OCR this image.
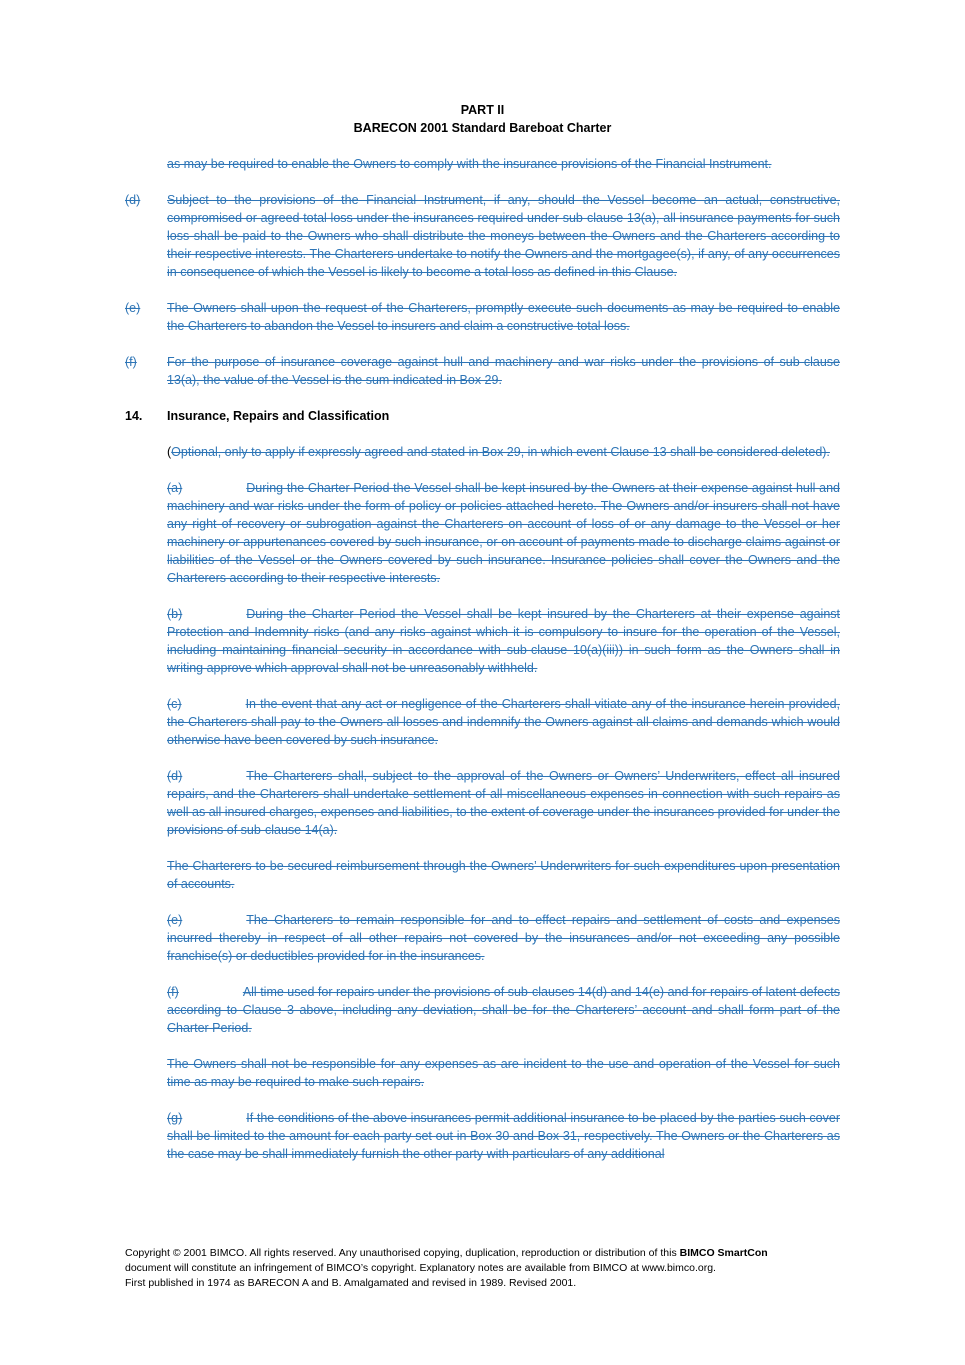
PART II
BARECON 2001 Standard Bareboat Charter

as may be required to enable the Owners to comply with the insurance provisions of the Financial Instrument.

(d)	Subject to the provisions of the Financial Instrument, if any, should the Vessel become an actual, constructive, compromised or agreed total loss under the insurances required under sub-clause 13(a), all insurance payments for such loss shall be paid to the Owners who shall distribute the moneys between the Owners and the Charterers according to their respective interests. The Charterers undertake to notify the Owners and the mortgagee(s), if any, of any occurrences in consequence of which the Vessel is likely to become a total loss as defined in this Clause.
(e)	The Owners shall upon the request of the Charterers, promptly execute such documents as may be required to enable the Charterers to abandon the Vessel to insurers and claim a constructive total loss.
(f)	For the purpose of insurance coverage against hull and machinery and war risks under the provisions of sub-clause 13(a), the value of the Vessel is the sum indicated in Box 29.
14.	Insurance, Repairs and Classification

(Optional, only to apply if expressly agreed and stated in Box 29, in which event Clause 13 shall be considered deleted).

(a)	During the Charter Period the Vessel shall be kept insured by the Owners at their expense against hull and machinery and war risks under the form of policy or policies attached hereto. The Owners and/or insurers shall not have any right of recovery or subrogation against the Charterers on account of loss of or any damage to the Vessel or her machinery or appurtenances covered by such insurance, or on account of payments made to discharge claims against or liabilities of the Vessel or the Owners covered by such insurance. Insurance policies shall cover the Owners and the Charterers according to their respective interests.

(b)	During the Charter Period the Vessel shall be kept insured by the Charterers at their expense against Protection and Indemnity risks (and any risks against which it is compulsory to insure for the operation of the Vessel, including maintaining financial security in accordance with sub-clause 10(a)(iii)) in such form as the Owners shall in writing approve which approval shall not be unreasonably withheld.

(c)	In the event that any act or negligence of the Charterers shall vitiate any of the insurance herein provided, the Charterers shall pay to the Owners all losses and indemnify the Owners against all claims and demands which would otherwise have been covered by such insurance.

(d)	The Charterers shall, subject to the approval of the Owners or Owners’ Underwriters, effect all insured repairs, and the Charterers shall undertake settlement of all miscellaneous expenses in connection with such repairs as well as all insured charges, expenses and liabilities, to the extent of coverage under the insurances provided for under the provisions of sub-clause 14(a).

The Charterers to be secured reimbursement through the Owners’ Underwriters for such expenditures upon presentation of accounts.

(e)	The Charterers to remain responsible for and to effect repairs and settlement of costs and expenses incurred thereby in respect of all other repairs not covered by the insurances and/or not exceeding any possible franchise(s) or deductibles provided for in the insurances.

(f)	All time used for repairs under the provisions of sub-clauses 14(d) and 14(e) and for repairs of latent defects according to Clause 3 above, including any deviation, shall be for the Charterers’ account and shall form part of the Charter Period.

The Owners shall not be responsible for any expenses as are incident to the use and operation of the Vessel for such time as may be required to make such repairs.

(g)	If the conditions of the above insurances permit additional insurance to be placed by the parties such cover shall be limited to the amount for each party set out in Box 30 and Box 31, respectively. The Owners or the Charterers as the case may be shall immediately furnish the other party with particulars of any additional

Copyright © 2001 BIMCO. All rights reserved. Any unauthorised copying, duplication, reproduction or distribution of this BIMCO SmartCon
document will constitute an infringement of BIMCO’s copyright. Explanatory notes are available from BIMCO at www.bimco.org.
First published in 1974 as BARECON A and B. Amalgamated and revised in 1989. Revised 2001.
